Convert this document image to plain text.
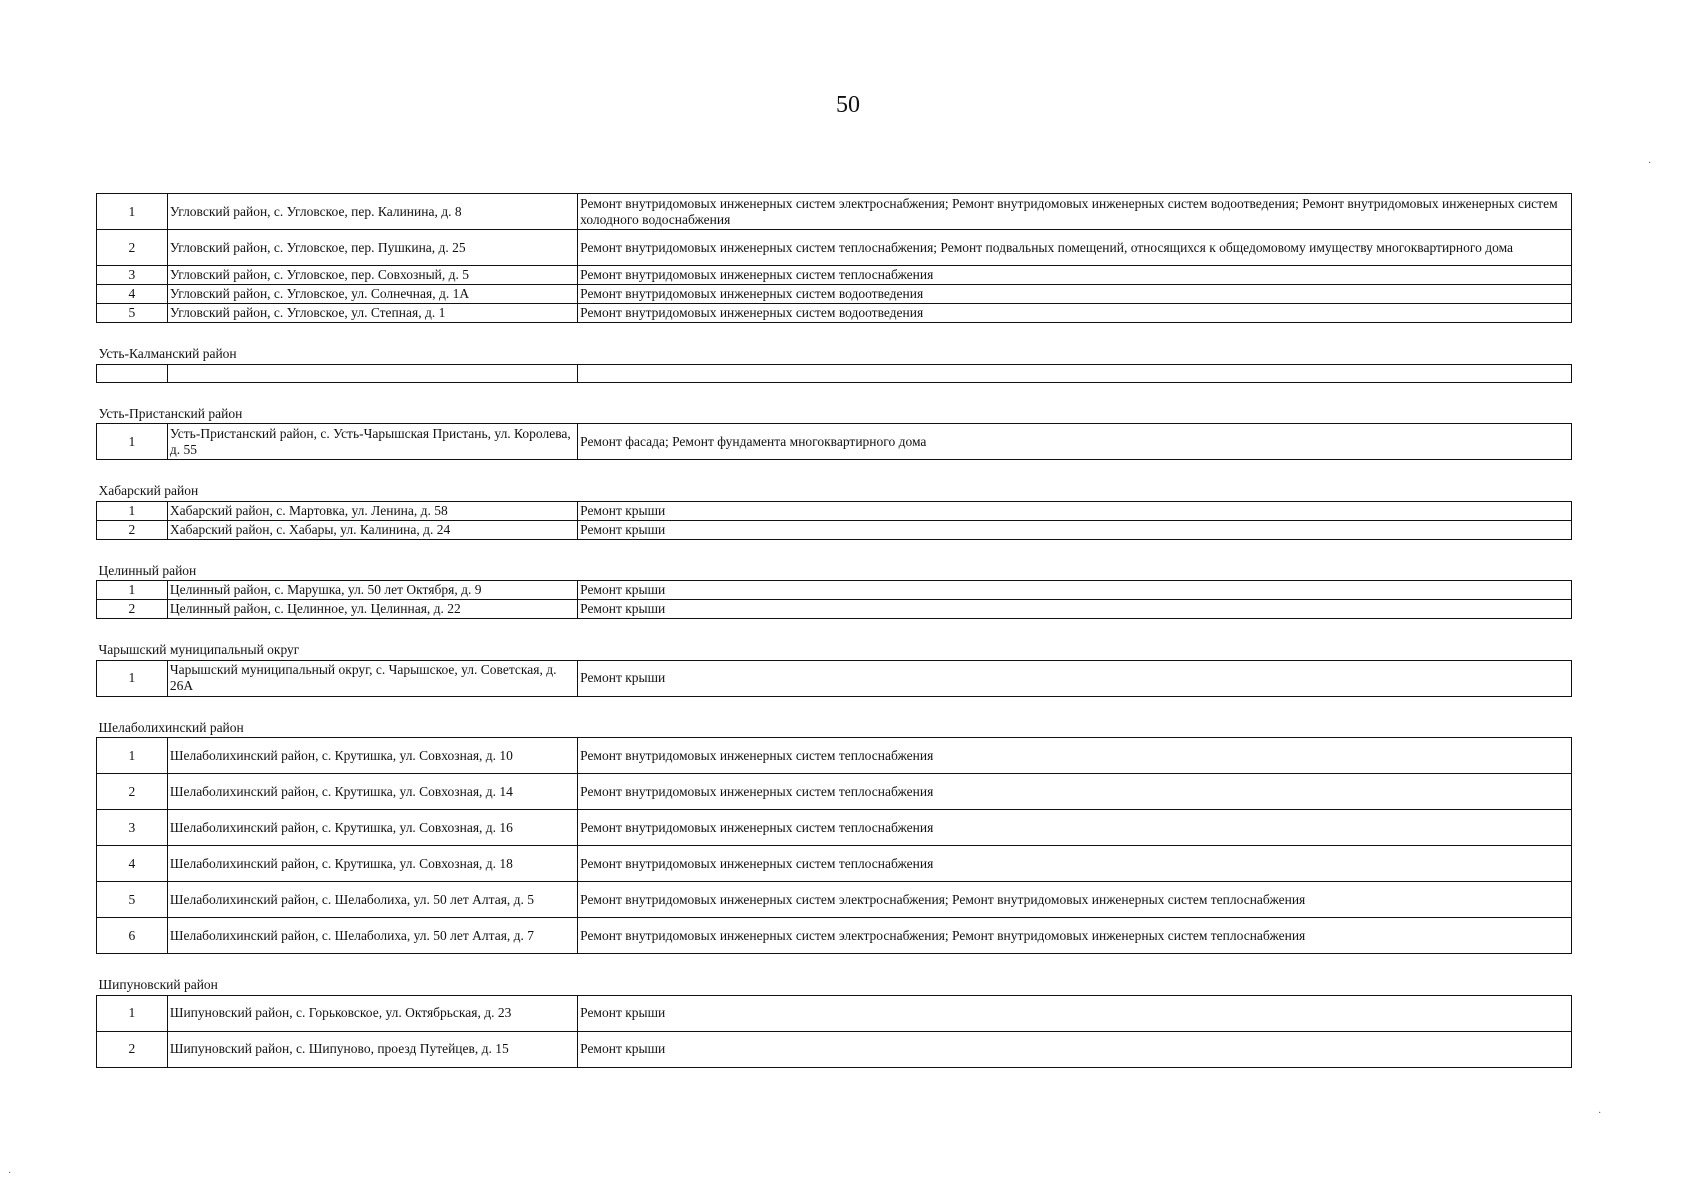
50
1	Угловский район, с. Угловское, пер. Калинина, д. 8	Ремонт внутридомовых инженерных систем электроснабжения; Ремонт внутридомовых инженерных систем водоотведения; Ремонт внутридомовых инженерных систем холодного водоснабжения
2	Угловский район, с. Угловское, пер. Пушкина, д. 25	Ремонт внутридомовых инженерных систем теплоснабжения; Ремонт подвальных помещений, относящихся к общедомовому имуществу многоквартирного дома
3	Угловский район, с. Угловское, пер. Совхозный, д. 5	Ремонт внутридомовых инженерных систем теплоснабжения
4	Угловский район, с. Угловское, ул. Солнечная, д. 1А	Ремонт внутридомовых инженерных систем водоотведения
5	Угловский район, с. Угловское, ул. Степная, д. 1	Ремонт внутридомовых инженерных систем водоотведения

Усть-Калманский район		

Усть-Пристанский район		
1	Усть-Пристанский район, с. Усть-Чарышская Пристань, ул. Королева, д. 55	Ремонт фасада; Ремонт фундамента многоквартирного дома

Хабарский район		
1	Хабарский район, с. Мартовка, ул. Ленина, д. 58	Ремонт крыши
2	Хабарский район, с. Хабары, ул. Калинина, д. 24	Ремонт крыши

Целинный район		
1	Целинный район, с. Марушка, ул. 50 лет Октября, д. 9	Ремонт крыши
2	Целинный район, с. Целинное, ул. Целинная, д. 22	Ремонт крыши

Чарышский муниципальный округ		
1	Чарышский муниципальный округ, с. Чарышское, ул. Советская, д. 26А	Ремонт крыши

Шелаболихинский район		
1	Шелаболихинский район, с. Крутишка, ул. Совхозная, д. 10	Ремонт внутридомовых инженерных систем теплоснабжения
2	Шелаболихинский район, с. Крутишка, ул. Совхозная, д. 14	Ремонт внутридомовых инженерных систем теплоснабжения
3	Шелаболихинский район, с. Крутишка, ул. Совхозная, д. 16	Ремонт внутридомовых инженерных систем теплоснабжения
4	Шелаболихинский район, с. Крутишка, ул. Совхозная, д. 18	Ремонт внутридомовых инженерных систем теплоснабжения
5	Шелаболихинский район, с. Шелаболиха, ул. 50 лет Алтая, д. 5	Ремонт внутридомовых инженерных систем электроснабжения; Ремонт внутридомовых инженерных систем теплоснабжения
6	Шелаболихинский район, с. Шелаболиха, ул. 50 лет Алтая, д. 7	Ремонт внутридомовых инженерных систем электроснабжения; Ремонт внутридомовых инженерных систем теплоснабжения

Шипуновский район		
1	Шипуновский район, с. Горьковское, ул. Октябрьская, д. 23	Ремонт крыши
2	Шипуновский район, с. Шипуново, проезд Путейцев, д. 15	Ремонт крыши
·
·
·
